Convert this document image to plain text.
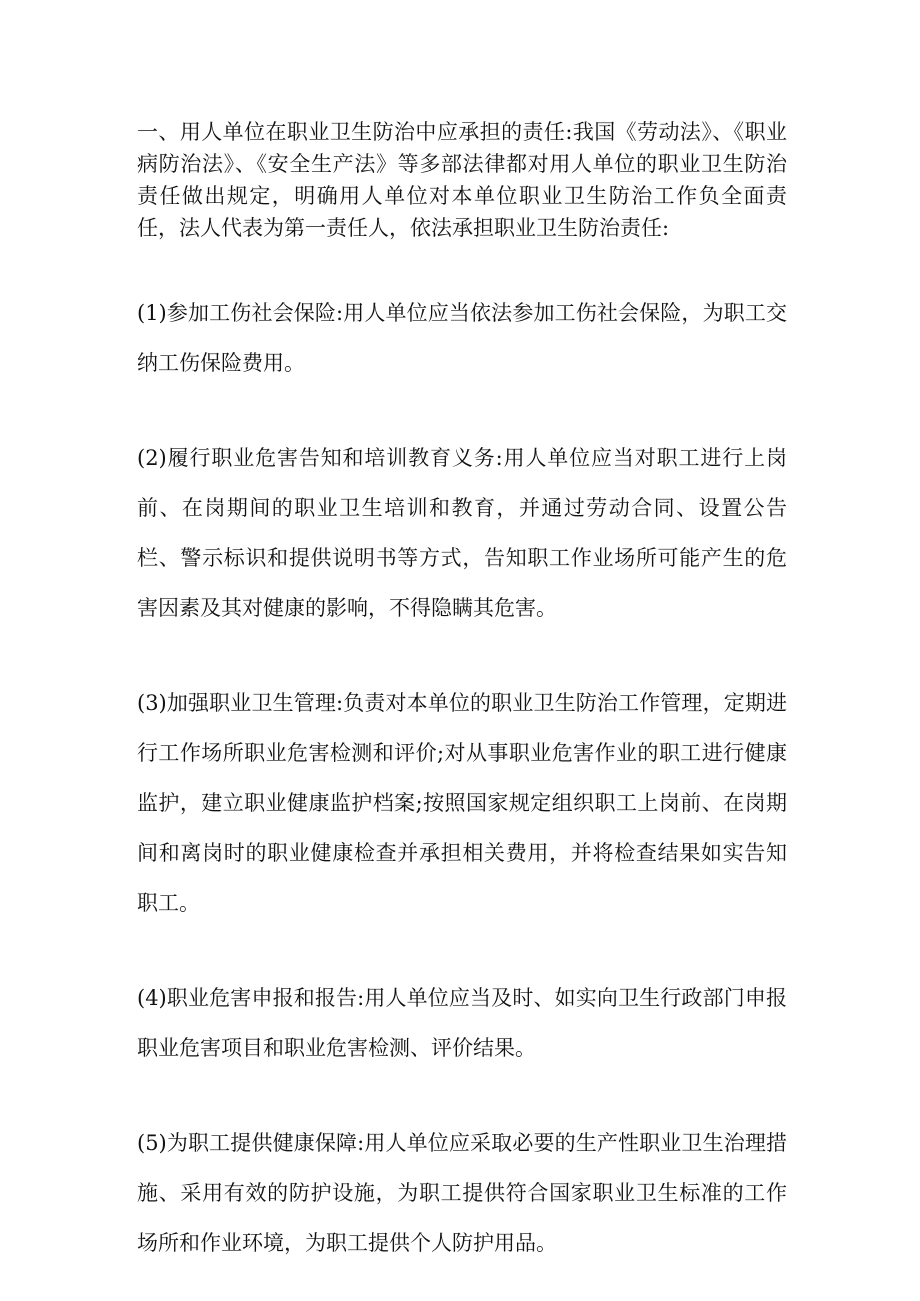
一、用人单位在职业卫生防治中应承担的责任:我国《劳动法》、《职业病防治法》、《安全生产法》等多部法律都对用人单位的职业卫生防治责任做出规定，明确用人单位对本单位职业卫生防治工作负全面责任，法人代表为第一责任人，依法承担职业卫生防治责任:

(1)参加工伤社会保险:用人单位应当依法参加工伤社会保险，为职工交纳工伤保险费用。

(2)履行职业危害告知和培训教育义务:用人单位应当对职工进行上岗前、在岗期间的职业卫生培训和教育，并通过劳动合同、设置公告栏、警示标识和提供说明书等方式，告知职工作业场所可能产生的危害因素及其对健康的影响，不得隐瞒其危害。

(3)加强职业卫生管理:负责对本单位的职业卫生防治工作管理，定期进行工作场所职业危害检测和评价;对从事职业危害作业的职工进行健康监护，建立职业健康监护档案;按照国家规定组织职工上岗前、在岗期间和离岗时的职业健康检查并承担相关费用，并将检查结果如实告知职工。

(4)职业危害申报和报告:用人单位应当及时、如实向卫生行政部门申报职业危害项目和职业危害检测、评价结果。

(5)为职工提供健康保障:用人单位应采取必要的生产性职业卫生治理措施、采用有效的防护设施，为职工提供符合国家职业卫生标准的工作场所和作业环境，为职工提供个人防护用品。
